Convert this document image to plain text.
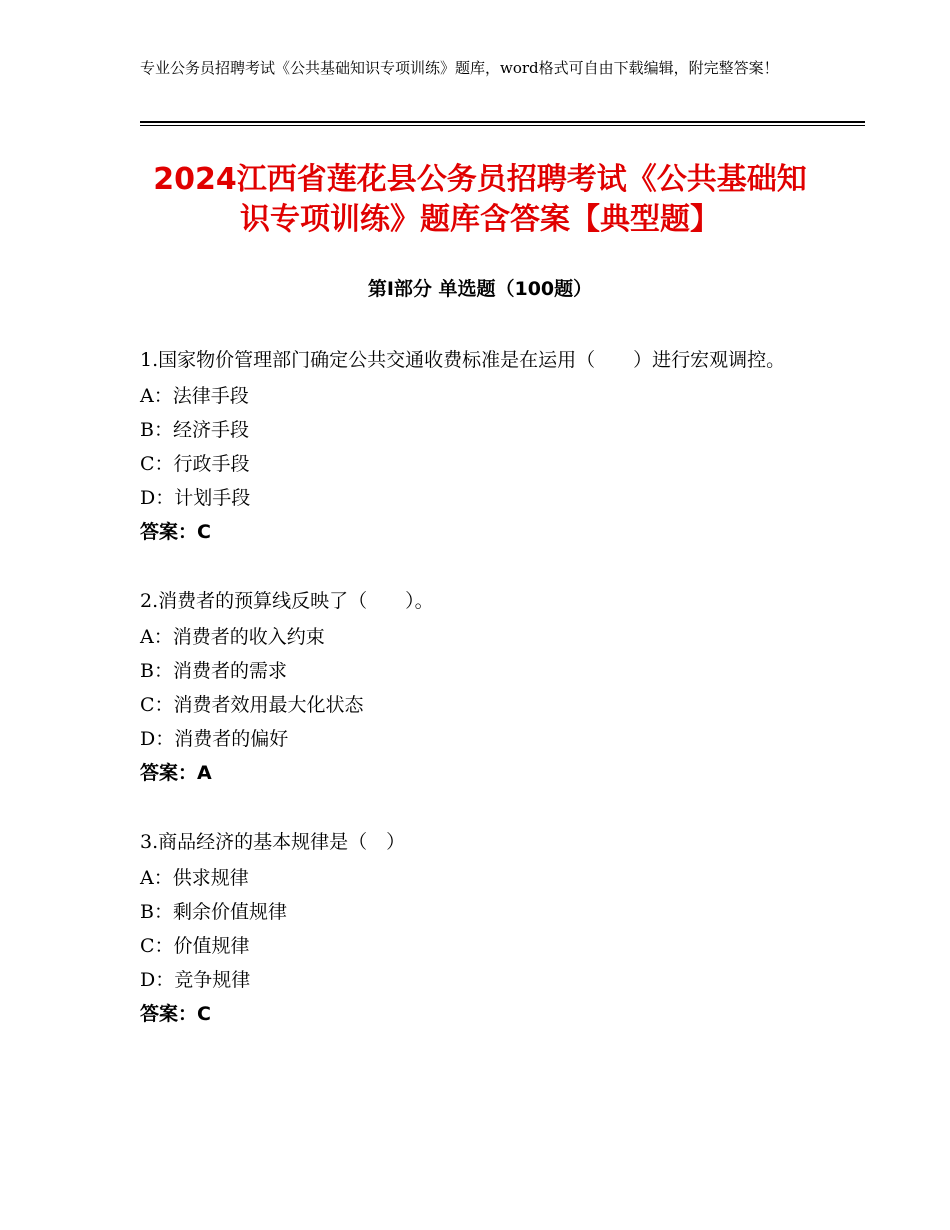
专业公务员招聘考试《公共基础知识专项训练》题库，word格式可自由下载编辑，附完整答案！
2024江西省莲花县公务员招聘考试《公共基础知识专项训练》题库含答案【典型题】
第Ⅰ部分 单选题（100题）

1.国家物价管理部门确定公共交通收费标准是在运用（　　）进行宏观调控。

A：法律手段

B：经济手段

C：行政手段

D：计划手段

答案：C

2.消费者的预算线反映了（　　）。

A：消费者的收入约束

B：消费者的需求

C：消费者效用最大化状态

D：消费者的偏好

答案：A

3.商品经济的基本规律是（　）

A：供求规律

B：剩余价值规律

C：价值规律

D：竞争规律

答案：C
